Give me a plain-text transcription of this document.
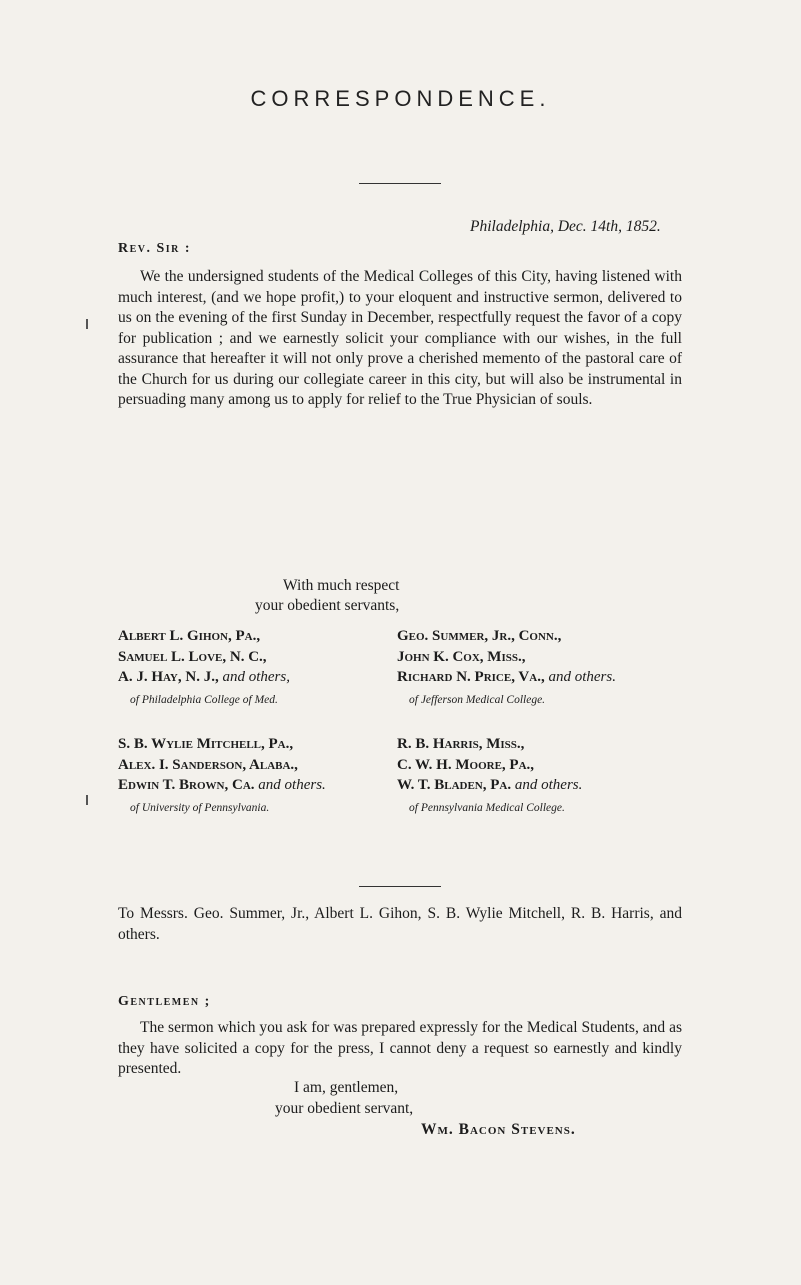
CORRESPONDENCE.
Philadelphia, Dec. 14th, 1852.
Rev. Sir :
We the undersigned students of the Medical Colleges of this City, having listened with much interest, (and we hope profit,) to your eloquent and instructive sermon, delivered to us on the evening of the first Sunday in December, respectfully request the favor of a copy for publication ; and we earnestly solicit your compliance with our wishes, in the full assurance that hereafter it will not only prove a cherished memento of the pastoral care of the Church for us during our collegiate career in this city, but will also be instrumental in persuading many among us to apply for relief to the True Physician of souls.
With much respect
your obedient servants,
Albert L. Gihon, Pa.,
Samuel L. Love, N. C.,
A. J. Hay, N. J., and others,
of Philadelphia College of Med.
Geo. Summer, Jr., Conn.,
John K. Cox, Miss.,
Richard N. Price, Va., and others.
of Jefferson Medical College.
S. B. Wylie Mitchell, Pa.,
Alex. I. Sanderson, Alaba.,
Edwin T. Brown, Ca. and others.
of University of Pennsylvania.
R. B. Harris, Miss.,
C. W. H. Moore, Pa.,
W. T. Bladen, Pa. and others.
of Pennsylvania Medical College.
To Messrs. Geo. Summer, Jr., Albert L. Gihon, S. B. Wylie Mitchell, R. B. Harris, and others.
Gentlemen ;
The sermon which you ask for was prepared expressly for the Medical Students, and as they have solicited a copy for the press, I cannot deny a request so earnestly and kindly presented.
I am, gentlemen,
your obedient servant,
Wm. Bacon Stevens.
